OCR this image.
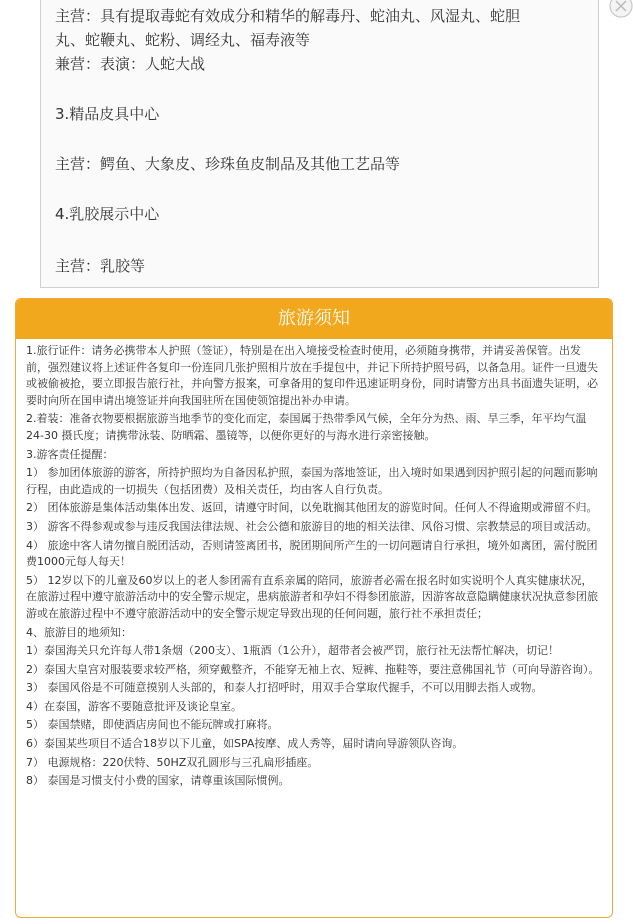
主营：具有提取毒蛇有效成分和精华的解毒丹、蛇油丸、风湿丸、蛇胆
丸、蛇鞭丸、蛇粉、调经丸、福寿液等
兼营：表演：人蛇大战
3.精品皮具中心
主营：鳄鱼、大象皮、珍珠鱼皮制品及其他工艺品等
4.乳胶展示中心
主营：乳胶等
旅游须知

1.旅行证件：请务必携带本人护照（签证），特别是在出入境接受检查时使用，必须随身携带，并请妥善保管。出发前，强烈建议将上述证件各复印一份连同几张护照相片放在手提包中，并记下所持护照号码，以备急用。证件一旦遗失或被偷被抢，要立即报告旅行社，并向警方报案，可拿备用的复印件迅速证明身份，同时请警方出具书面遗失证明，必要时向所在国申请出境签证并向我国驻所在国使领馆提出补办申请。

2.着装：准备衣物要根据旅游当地季节的变化而定，泰国属于热带季风气候，全年分为热、雨、旱三季，年平均气温 24-30 摄氏度；请携带泳装、防晒霜、墨镜等，以便你更好的与海水进行亲密接触。

3.游客责任提醒：

1） 参加团体旅游的游客，所持护照均为自备因私护照，泰国为落地签证，出入境时如果遇到因护照引起的问题而影响行程，由此造成的一切损失（包括团费）及相关责任，均由客人自行负责。

2） 团体旅游是集体活动集体出发、返回，请遵守时间，以免耽搁其他团友的游览时间。任何人不得逾期或滞留不归。

3） 游客不得参观或参与违反我国法律法规、社会公德和旅游目的地的相关法律、风俗习惯、宗教禁忌的项目或活动。

4） 旅途中客人请勿擅自脱团活动，否则请签离团书，脱团期间所产生的一切问题请自行承担，境外如离团，需付脱团费1000元每人每天！

5） 12岁以下的儿童及60岁以上的老人参团需有直系亲属的陪同，旅游者必需在报名时如实说明个人真实健康状况，在旅游过程中遵守旅游活动中的安全警示规定，患病旅游者和孕妇不得参团旅游，因游客故意隐瞒健康状况执意参团旅游或在旅游过程中不遵守旅游活动中的安全警示规定导致出现的任何问题，旅行社不承担责任；

4、旅游目的地须知：

1）泰国海关只允许每人带1条烟（200支）、1瓶酒（1公升），超带者会被严罚，旅行社无法帮忙解决，切记！

2）泰国大皇宫对服装要求较严格，须穿戴整齐，不能穿无袖上衣、短裤、拖鞋等，要注意佛国礼节（可向导游咨询）。

3） 泰国风俗是不可随意摸别人头部的，和泰人打招呼时，用双手合掌取代握手，不可以用脚去指人或物。

4）在泰国，游客不要随意批评及谈论皇室。

5） 泰国禁赌，即使酒店房间也不能玩牌或打麻将。

6）泰国某些项目不适合18岁以下儿童，如SPA按摩、成人秀等，届时请向导游领队咨询。

7） 电源规格：220伏特、50HZ双孔圆形与三孔扁形插座。

8） 泰国是习惯支付小费的国家，请尊重该国际惯例。
